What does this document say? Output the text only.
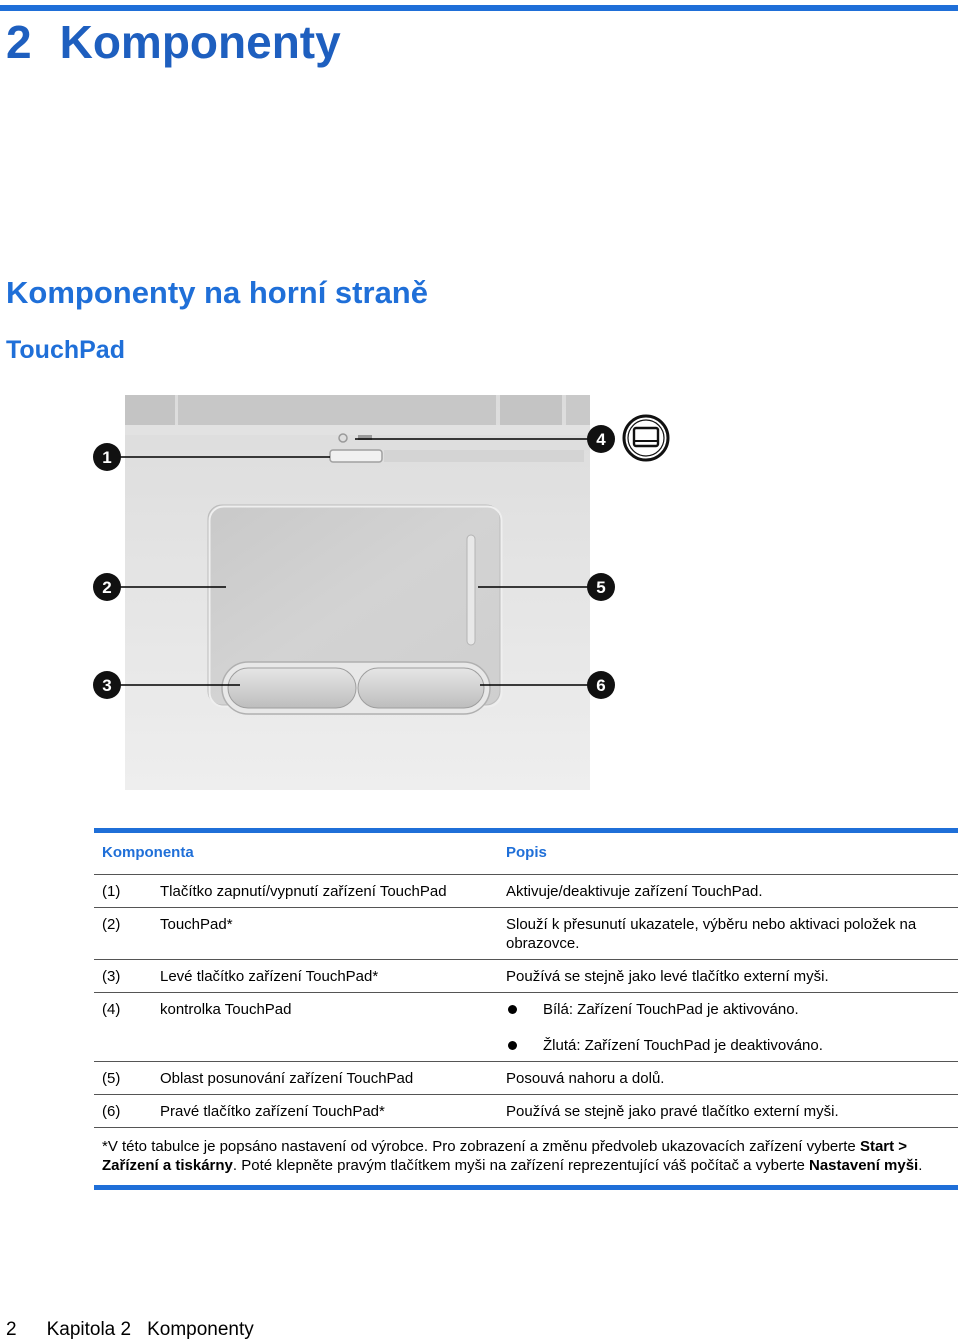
2 Komponenty
Komponenty na horní straně
TouchPad
1
2
3
4
5
6
Komponenta		Popis
(1)	Tlačítko zapnutí/vypnutí zařízení TouchPad	Aktivuje/deaktivuje zařízení TouchPad.
(2)	TouchPad*	Slouží k přesunutí ukazatele, výběru nebo aktivaci položek na obrazovce.
(3)	Levé tlačítko zařízení TouchPad*	Používá se stejně jako levé tlačítko externí myši.
(4)	kontrolka TouchPad	Bílá: Zařízení TouchPad je aktivováno.

		Žlutá: Zařízení TouchPad je deaktivováno.

(5)	Oblast posunování zařízení TouchPad	Posouvá nahoru a dolů.
(6)	Pravé tlačítko zařízení TouchPad*	Používá se stejně jako pravé tlačítko externí myši.
*V této tabulce je popsáno nastavení od výrobce. Pro zobrazení a změnu předvoleb ukazovacích zařízení vyberte Start > Zařízení a tiskárny. Poté klepněte pravým tlačítkem myši na zařízení reprezentující váš počítač a vyberte Nastavení myši.
2 Kapitola 2 Komponenty
